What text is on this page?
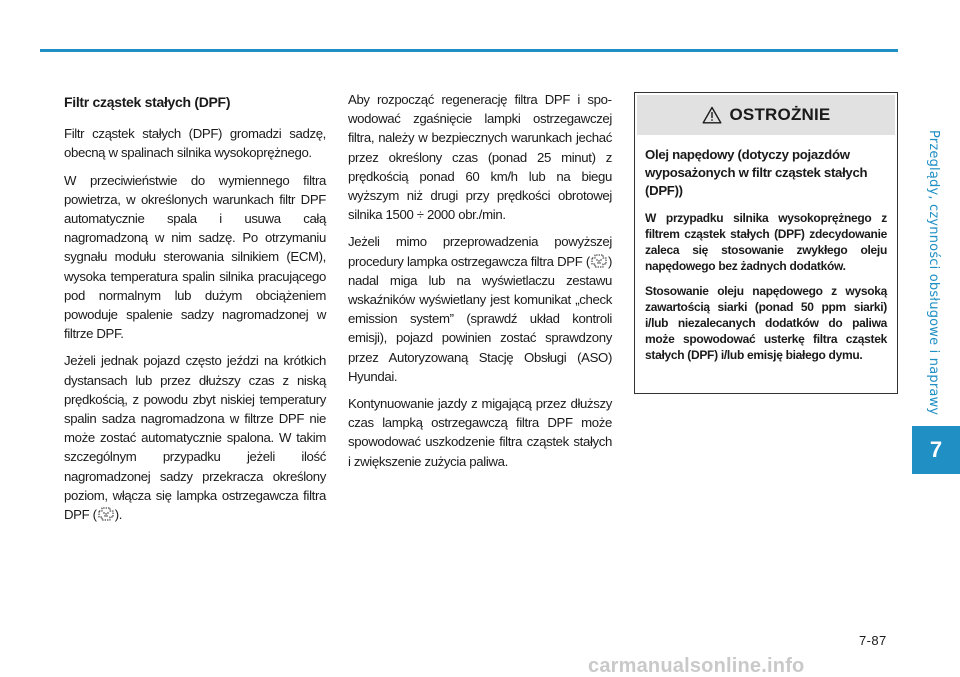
Filtr cząstek stałych (DPF)

Filtr cząstek stałych (DPF) gromadzi sadzę, obecną w spalinach silnika wysokoprężnego.

W przeciwieństwie do wymiennego filtra powietrza, w określonych warunkach filtr DPF automatycznie spala i usuwa całą nagromadzoną w nim sadzę. Po otrzymaniu sygnału modułu sterowania silnikiem (ECM), wysoka temperatura spalin silnika pracującego pod normalnym lub dużym obciążeniem powoduje spalenie sadzy nagromadzonej w filtrze DPF.

Jeżeli jednak pojazd często jeździ na krótkich dystansach lub przez dłuższy czas z niską prędkością, z powodu zbyt niskiej temperatury spalin sadza nagromadzona w filtrze DPF nie może zostać automatycznie spalona. W takim szczególnym przypadku jeżeli ilość nagromadzonej sadzy przekracza określony poziom, włącza się lampka ostrzegawcza filtra DPF ( ).

Aby rozpocząć regenerację filtra DPF i spowodować zgaśnięcie lampki ostrzegawczej filtra, należy w bezpiecznych warunkach jechać przez określony czas (ponad 25 minut) z prędkością ponad 60 km/h lub na biegu wyższym niż drugi przy prędkości obrotowej silnika 1500 ÷ 2000 obr./min.

Jeżeli mimo przeprowadzenia powyższej procedury lampka ostrzegawcza filtra DPF ( ) nadal miga lub na wyświetlaczu zestawu wskaźników wyświetlany jest komunikat „check emission system” (sprawdź układ kontroli emisji), pojazd powinien zostać sprawdzony przez Autoryzowaną Stację Obsługi (ASO) Hyundai.

Kontynuowanie jazdy z migającą przez dłuższy czas lampką ostrzegawczą filtra DPF może spowodować uszkodzenie filtra cząstek stałych i zwiększenie zużycia paliwa.

OSTROŻNIE
Olej napędowy (dotyczy pojazdów wyposażonych w filtr cząstek stałych (DPF))

W przypadku silnika wysokoprężnego z filtrem cząstek stałych (DPF) zdecydowanie zaleca się stosowanie zwykłego oleju napędowego bez żadnych dodatków.

Stosowanie oleju napędowego z wysoką zawartością siarki (ponad 50 ppm siarki) i/lub niezalecanych dodatków do paliwa może spowodować usterkę filtra cząstek stałych (DPF) i/lub emisję białego dymu.	Przeglądy, czynności obsługowe i naprawy
7
7-87
carmanualsonline.info
